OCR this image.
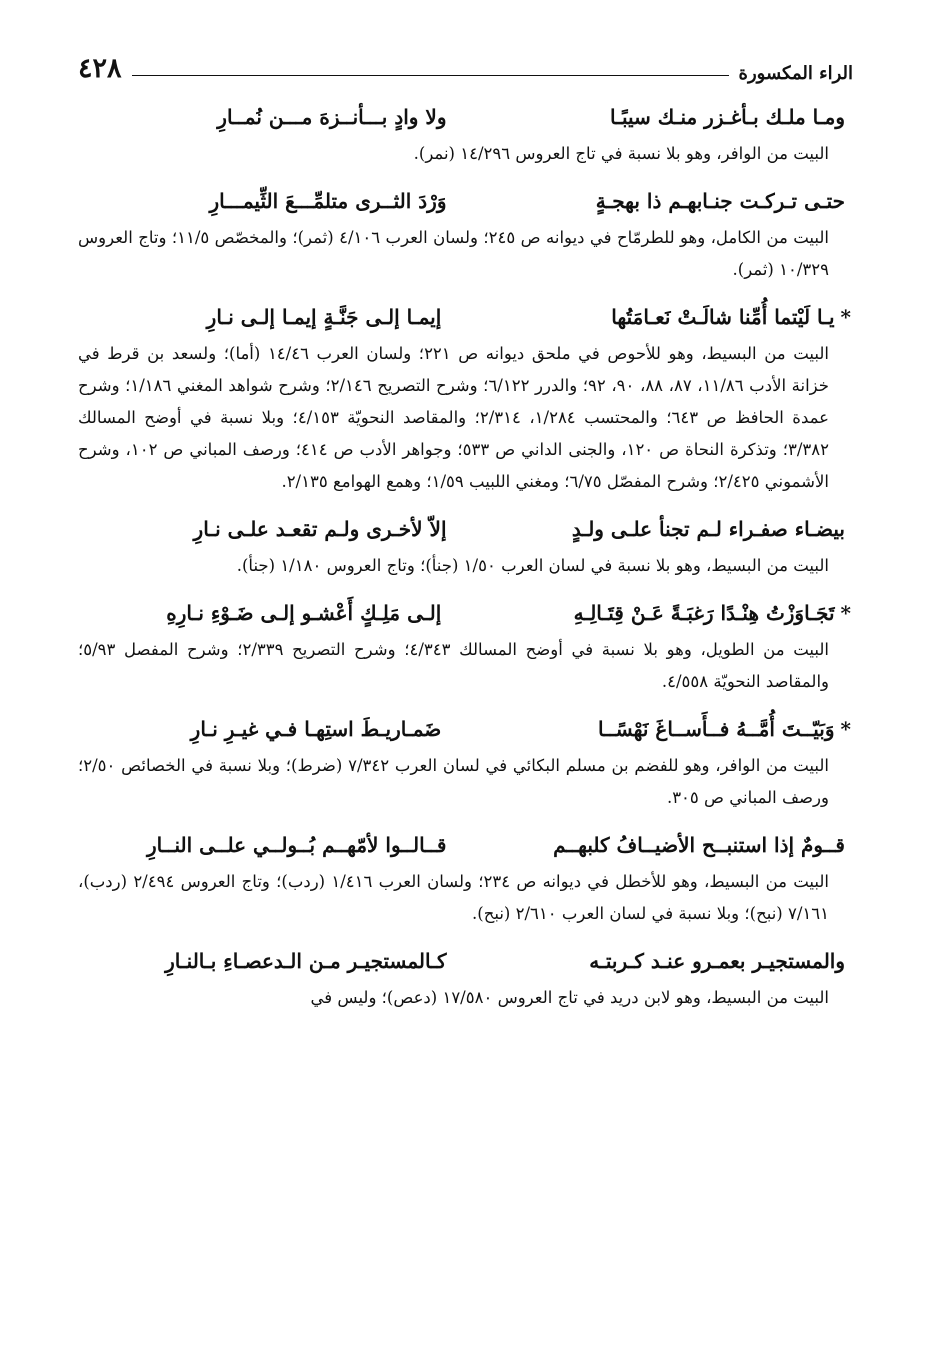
٤٢٨	الراء المكسورة
ومـا ملـك بـأغـزر منـك سيبًـا
ولا وادٍ بـــأنــزهَ مـــن نُمــارِ
البيت من الوافر، وهو بلا نسبة في تاج العروس ١٤/٢٩٦ (نمر).
حتـى تـركـت جنـابهـم ذا بهجـةٍ
وَرْدَ الثــرى متلمِّـــعَ الثِّيمـــارِ
البيت من الكامل، وهو للطرمّاح في ديوانه ص ٢٤٥؛ ولسان العرب ٤/١٠٦ (ثمر)؛ والمخصّص ١١/٥؛ وتاج العروس ١٠/٣٢٩ (ثمر).
*
يـا لَيْتما أُمِّنا شالَـتْ نَعـامَتُها
إيمـا إلـى جَنَّـةٍ إيمـا إلـى نـارِ
البيت من البسيط، وهو للأحوص في ملحق ديوانه ص ٢٢١؛ ولسان العرب ١٤/٤٦ (أما)؛ ولسعد بن قرط في خزانة الأدب ١١/٨٦، ٨٧، ٨٨، ٩٠، ٩٢؛ والدرر ٦/١٢٢؛ وشرح التصريح ٢/١٤٦؛ وشرح شواهد المغني ١/١٨٦؛ وشرح عمدة الحافظ ص ٦٤٣؛ والمحتسب ١/٢٨٤، ٢/٣١٤؛ والمقاصد النحويّة ٤/١٥٣؛ وبلا نسبة في أوضح المسالك ٣/٣٨٢؛ وتذكرة النحاة ص ١٢٠، والجنى الداني ص ٥٣٣؛ وجواهر الأدب ص ٤١٤؛ ورصف المباني ص ١٠٢، وشرح الأشموني ٢/٤٢٥؛ وشرح المفصّل ٦/٧٥؛ ومغني اللبيب ١/٥٩؛ وهمع الهوامع ٢/١٣٥.
بيضـاء صفـراء لـم تجنأ علـى ولـدٍ
إلاّ لأخـرى ولـم تقعـد علـى نـارِ
البيت من البسيط، وهو بلا نسبة في لسان العرب ١/٥٠ (جنأ)؛ وتاج العروس ١/١٨٠ (جنأ).
*
تَجَـاوَزْتُ هِنْـدًا رَغبَـةً عَـنْ قِتَـالِـهِ
إلـى مَلِـكٍ أَعْشـو إلـى ضَـوْءِ نـارِهِ
البيت من الطويل، وهو بلا نسبة في أوضح المسالك ٤/٣٤٣؛ وشرح التصريح ٢/٣٣٩؛ وشرح المفصل ٥/٩٣؛ والمقاصد النحويّة ٤/٥٥٨.
*
وَبَيّــتَ أُمَّــهُ فــأَســاغَ نَهْسًــا
ضَمـاريـطَ استِهـا فـي غيـرِ نـارِ
البيت من الوافر، وهو للفضم بن مسلم البكائي في لسان العرب ٧/٣٤٢ (ضرط)؛ وبلا نسبة في الخصائص ٢/٥٠؛ ورصف المباني ص ٣٠٥.
قــومٌ إذا استنبــح الأضيــافُ كلبهــم
قــالــوا لأمّهــم بُــولــي علــى النــارِ
البيت من البسيط، وهو للأخطل في ديوانه ص ٢٣٤؛ ولسان العرب ١/٤١٦ (ردب)؛ وتاج العروس ٢/٤٩٤ (ردب)، ٧/١٦١ (نبح)؛ وبلا نسبة في لسان العرب ٢/٦١٠ (نبح).
والمستجيـر بعمـرو عنـد كـربتـه
كـالمستجيـر مـن الـدعصـاءِ بـالنـارِ
البيت من البسيط، وهو لابن دريد في تاج العروس ١٧/٥٨٠ (دعص)؛ وليس في
